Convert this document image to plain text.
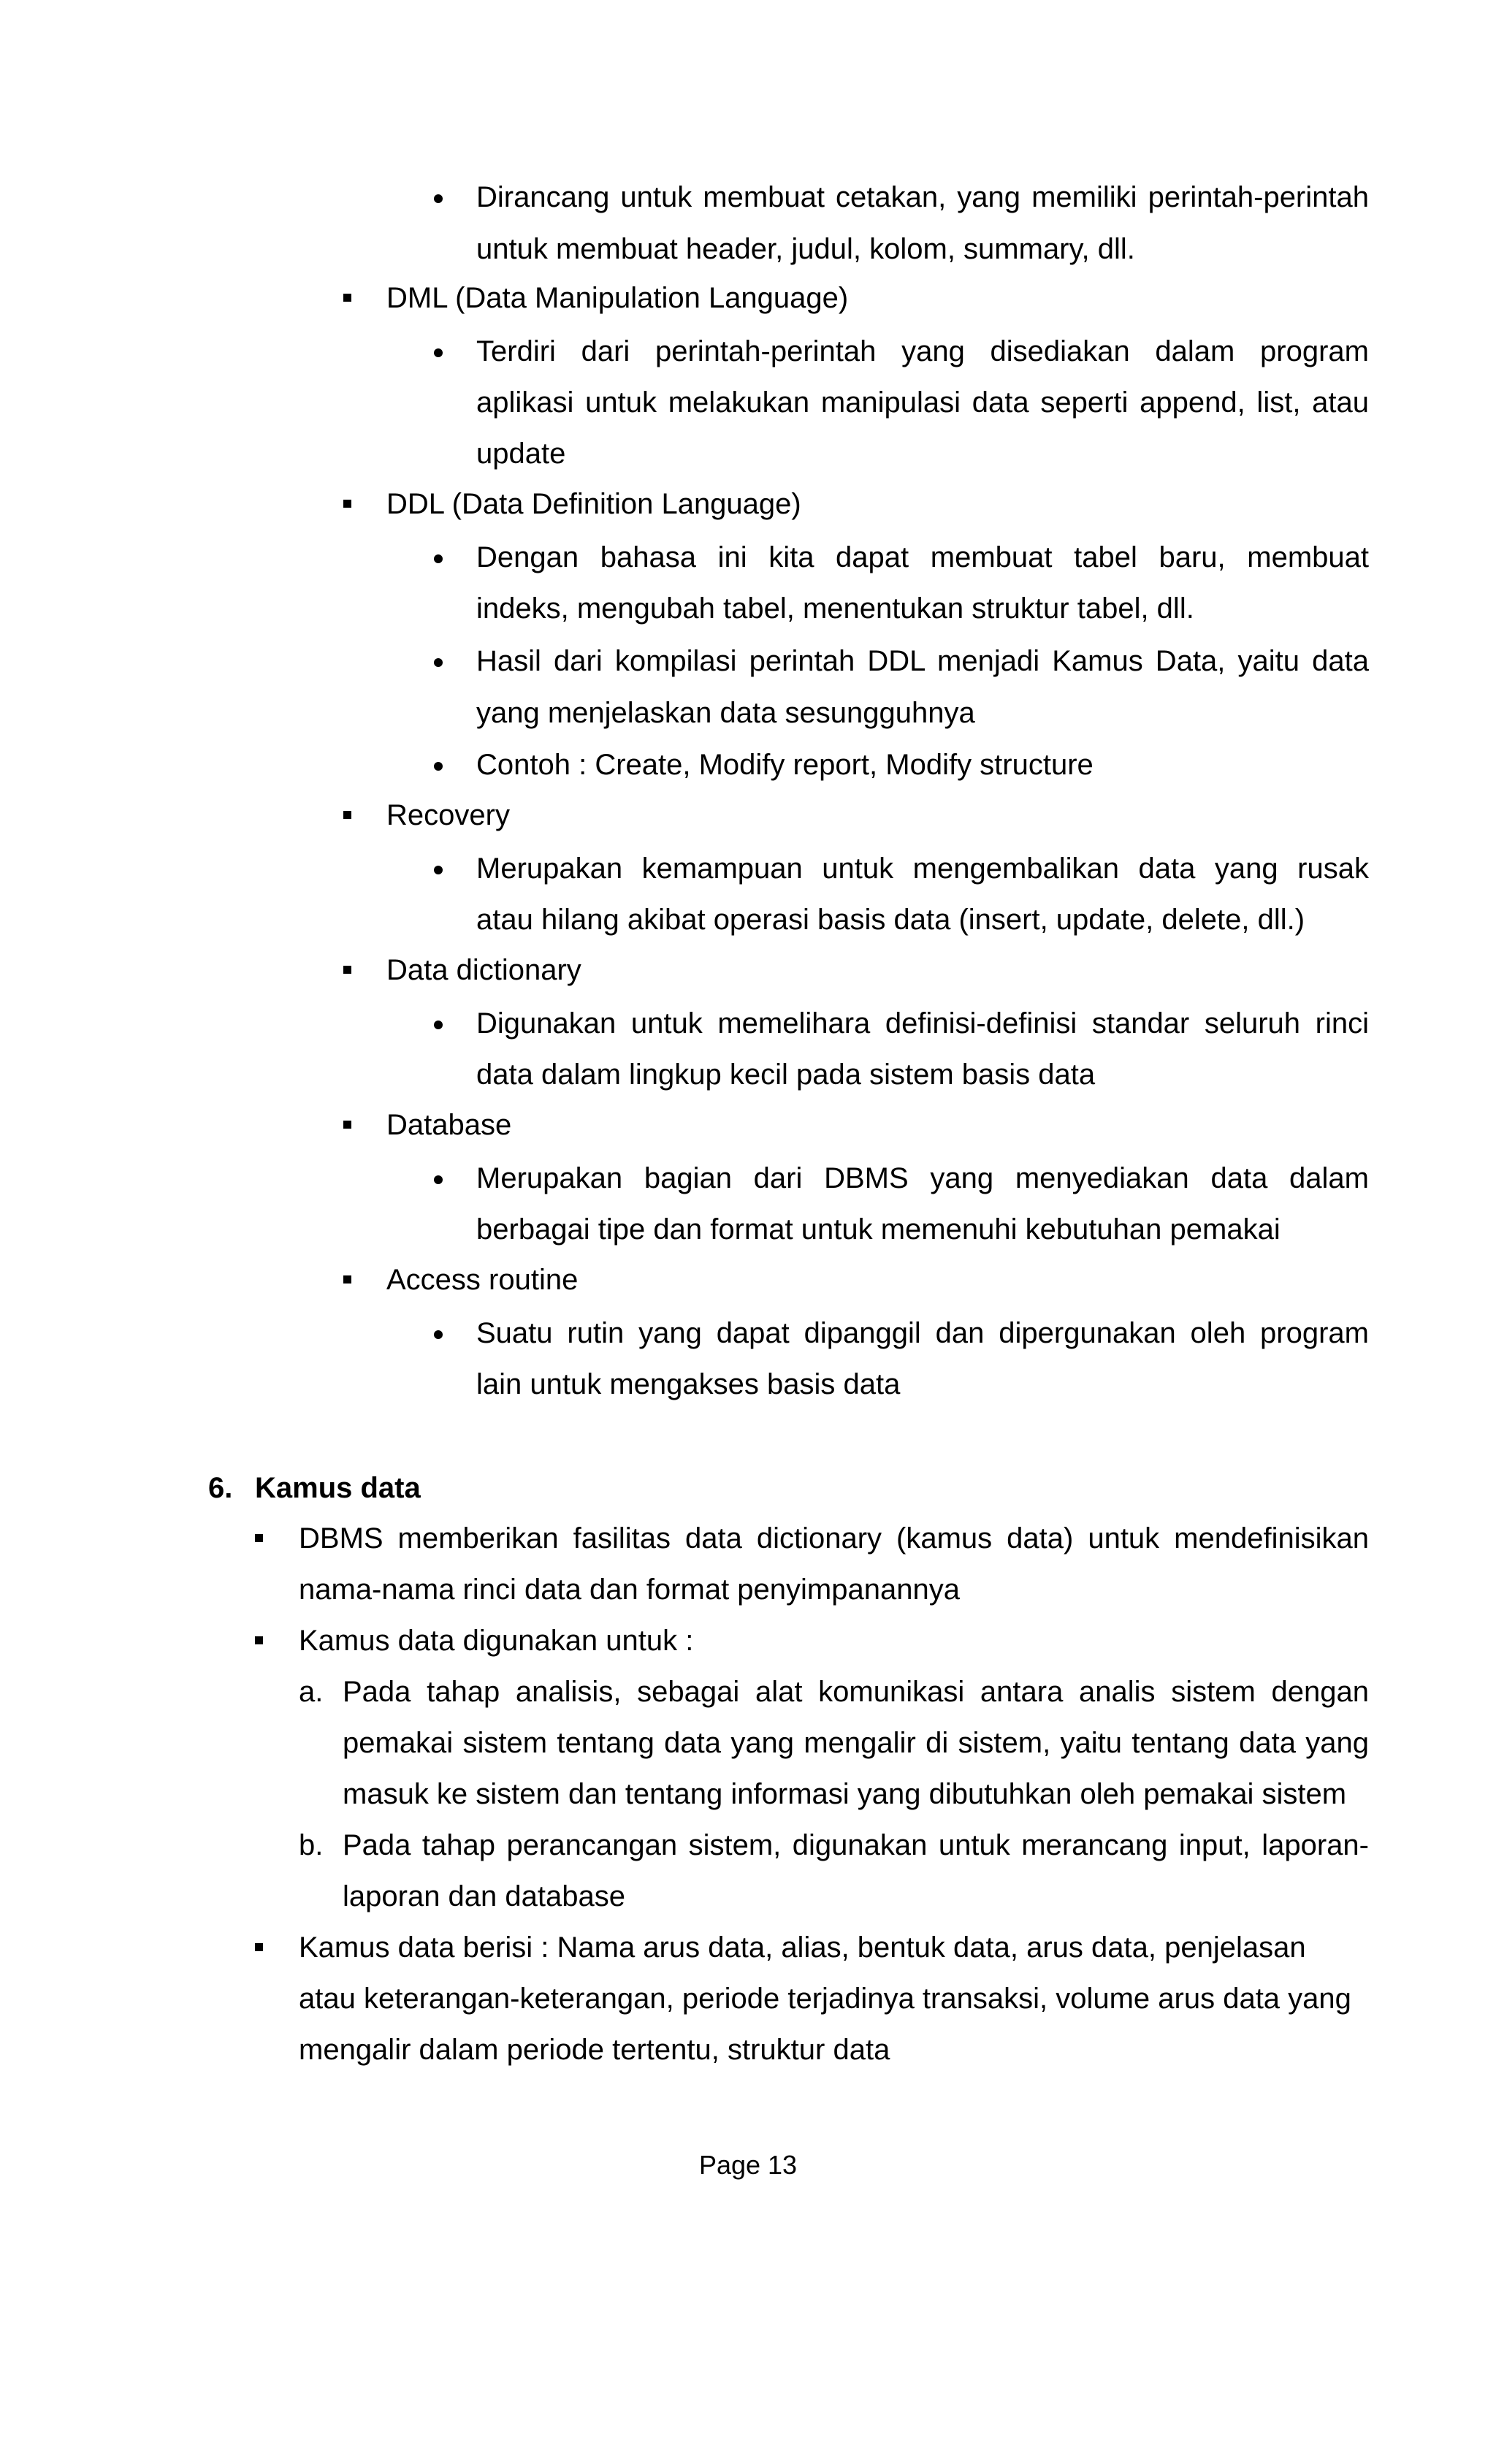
Dirancang untuk membuat cetakan, yang memiliki perintah-perintah
untuk membuat header, judul, kolom, summary, dll.
DML (Data Manipulation Language)
Terdiri dari perintah-perintah yang disediakan dalam program
aplikasi untuk melakukan manipulasi data seperti append, list, atau
update
DDL (Data Definition Language)
Dengan bahasa ini kita dapat membuat tabel baru, membuat
indeks, mengubah tabel, menentukan struktur tabel, dll.
Hasil dari kompilasi perintah DDL menjadi Kamus Data, yaitu data
yang menjelaskan data sesungguhnya
Contoh : Create, Modify report, Modify structure
Recovery
Merupakan kemampuan untuk mengembalikan data yang rusak
atau hilang akibat operasi basis data (insert, update, delete, dll.)
Data dictionary
Digunakan untuk memelihara definisi-definisi standar seluruh rinci
data dalam lingkup kecil pada sistem basis data
Database
Merupakan bagian dari DBMS yang menyediakan data dalam
berbagai tipe dan format untuk memenuhi kebutuhan pemakai
Access routine
Suatu rutin yang dapat dipanggil dan dipergunakan oleh program
lain untuk mengakses basis data
6. Kamus data
DBMS memberikan fasilitas data dictionary (kamus data) untuk mendefinisikan
nama-nama rinci data dan format penyimpanannya
Kamus data digunakan untuk :
a. Pada tahap analisis, sebagai alat komunikasi antara analis sistem dengan
pemakai sistem tentang data yang mengalir di sistem, yaitu tentang data yang
masuk ke sistem dan tentang informasi yang dibutuhkan oleh pemakai sistem
b. Pada tahap perancangan sistem, digunakan untuk merancang input, laporan-
laporan dan database
Kamus data berisi : Nama arus data, alias, bentuk data, arus data, penjelasan
atau keterangan-keterangan, periode terjadinya transaksi, volume arus data yang
mengalir dalam periode tertentu, struktur data
Page 13
